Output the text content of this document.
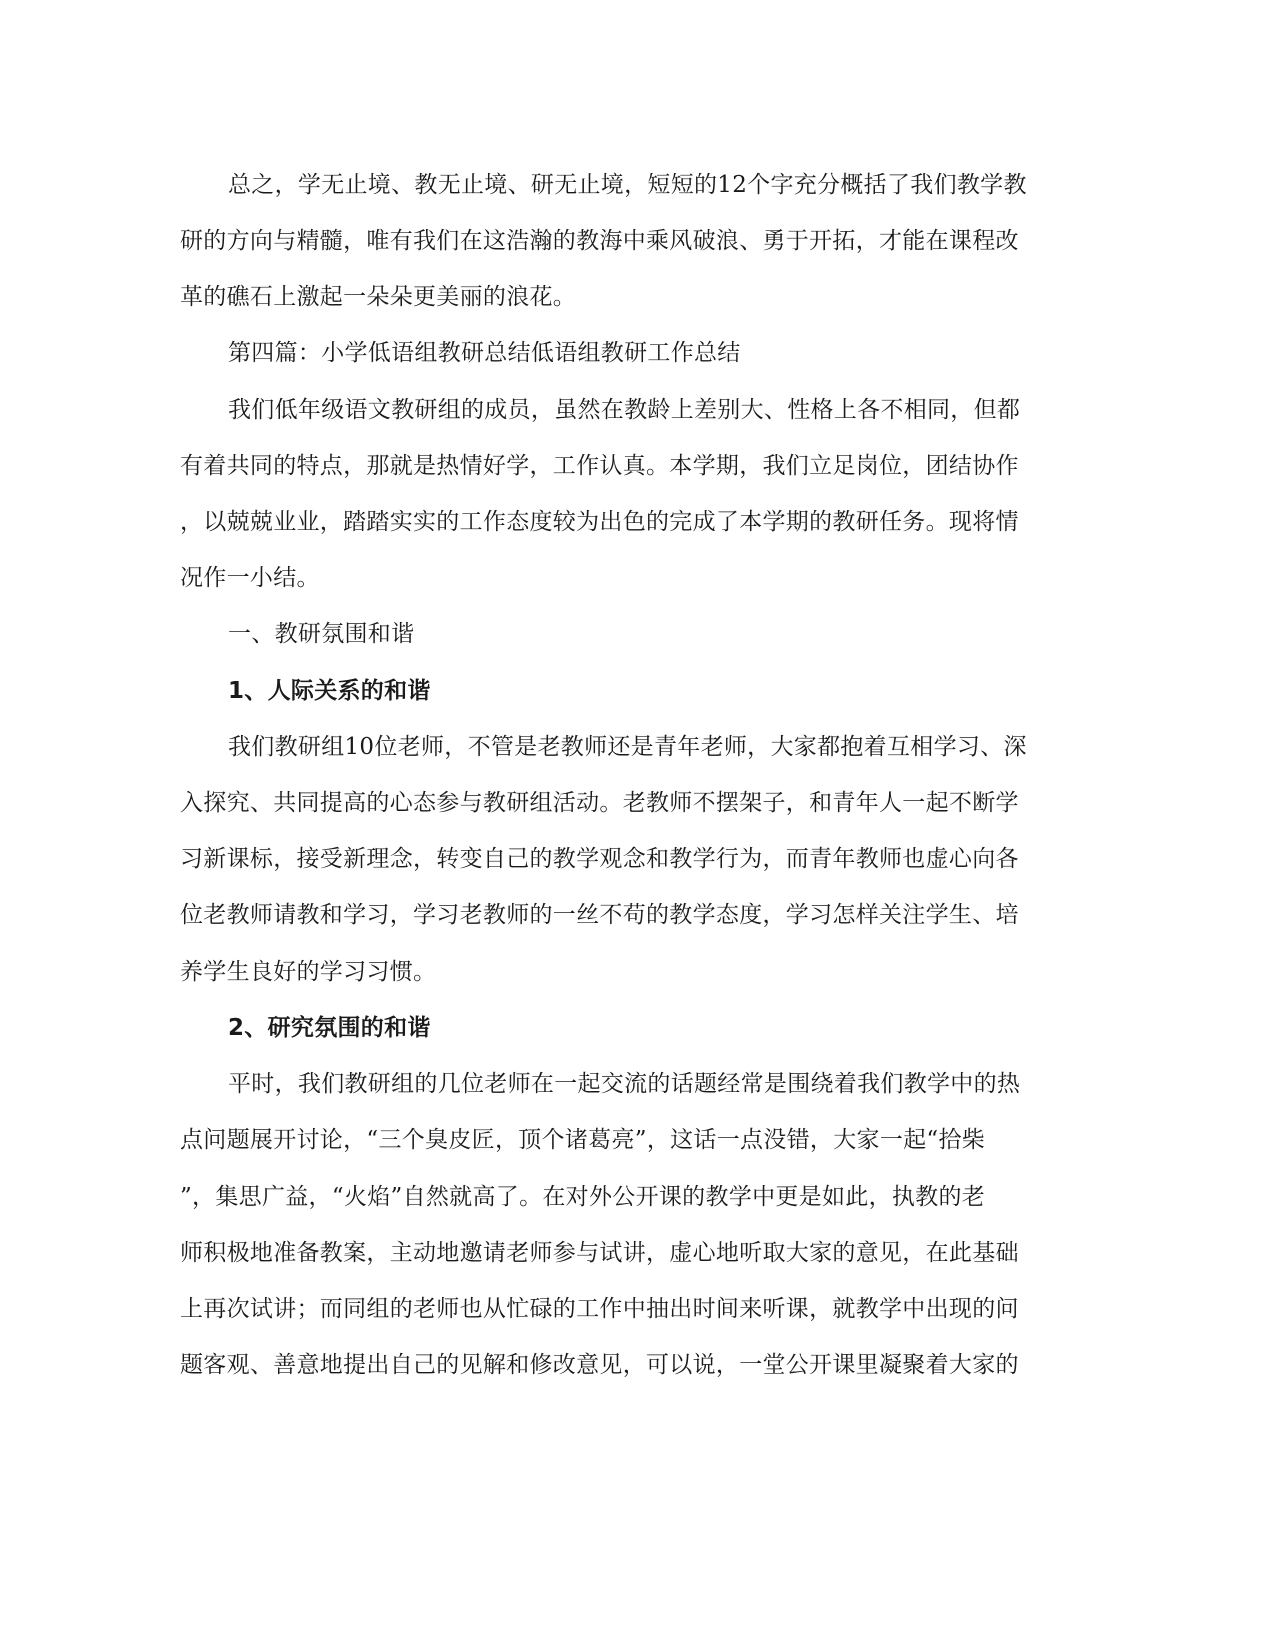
总之，学无止境、教无止境、研无止境，短短的12个字充分概括了我们教学教
研的方向与精髓，唯有我们在这浩瀚的教海中乘风破浪、勇于开拓，才能在课程改
革的礁石上激起一朵朵更美丽的浪花。
第四篇：小学低语组教研总结低语组教研工作总结
我们低年级语文教研组的成员，虽然在教龄上差别大、性格上各不相同，但都
有着共同的特点，那就是热情好学，工作认真。本学期，我们立足岗位，团结协作
，以兢兢业业，踏踏实实的工作态度较为出色的完成了本学期的教研任务。现将情
况作一小结。
一、教研氛围和谐
1、人际关系的和谐
我们教研组10位老师，不管是老教师还是青年老师，大家都抱着互相学习、深
入探究、共同提高的心态参与教研组活动。老教师不摆架子，和青年人一起不断学
习新课标，接受新理念，转变自己的教学观念和教学行为，而青年教师也虚心向各
位老教师请教和学习，学习老教师的一丝不苟的教学态度，学习怎样关注学生、培
养学生良好的学习习惯。
2、研究氛围的和谐
平时，我们教研组的几位老师在一起交流的话题经常是围绕着我们教学中的热
点问题展开讨论，“三个臭皮匠，顶个诸葛亮”，这话一点没错，大家一起“拾柴
”，集思广益，“火焰”自然就高了。在对外公开课的教学中更是如此，执教的老
师积极地准备教案，主动地邀请老师参与试讲，虚心地听取大家的意见，在此基础
上再次试讲；而同组的老师也从忙碌的工作中抽出时间来听课，就教学中出现的问
题客观、善意地提出自己的见解和修改意见，可以说，一堂公开课里凝聚着大家的
